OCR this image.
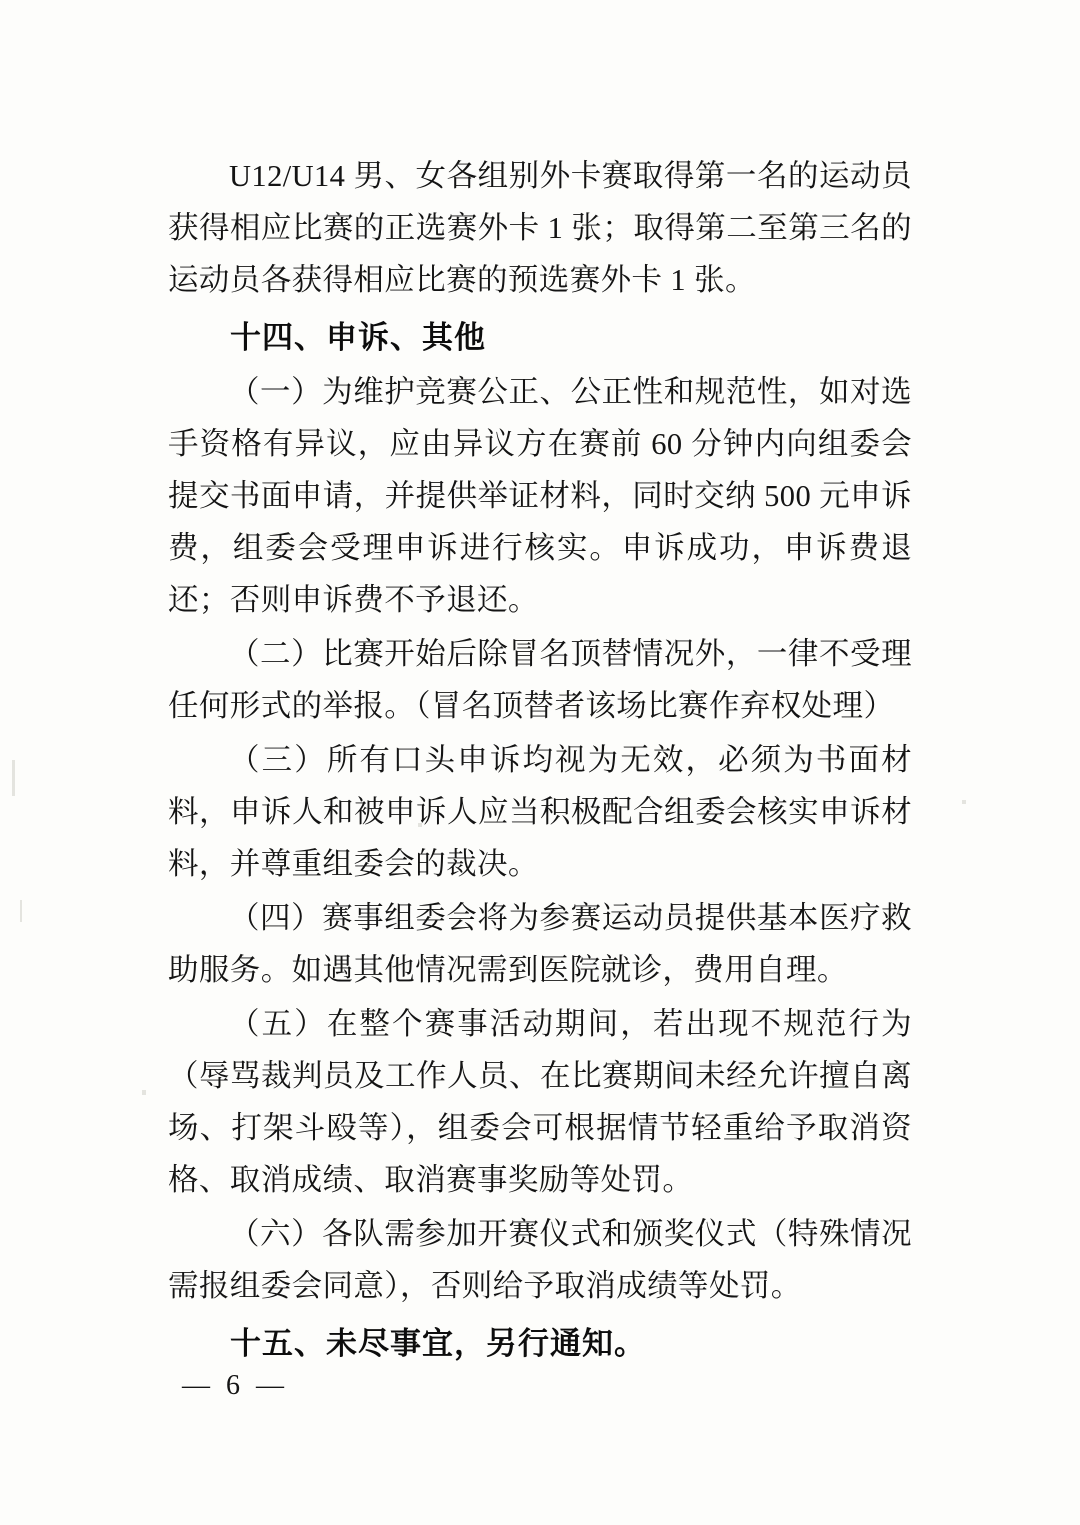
U12/U14 男、女各组别外卡赛取得第一名的运动员获得相应比赛的正选赛外卡 1 张；取得第二至第三名的运动员各获得相应比赛的预选赛外卡 1 张。

十四、申诉、其他

（一）为维护竞赛公正、公正性和规范性，如对选手资格有异议，应由异议方在赛前 60 分钟内向组委会提交书面申请，并提供举证材料，同时交纳 500 元申诉费，组委会受理申诉进行核实。申诉成功，申诉费退还；否则申诉费不予退还。

（二）比赛开始后除冒名顶替情况外，一律不受理任何形式的举报。（冒名顶替者该场比赛作弃权处理）

（三）所有口头申诉均视为无效，必须为书面材料，申诉人和被申诉人应当积极配合组委会核实申诉材料，并尊重组委会的裁决。

（四）赛事组委会将为参赛运动员提供基本医疗救助服务。如遇其他情况需到医院就诊，费用自理。

（五）在整个赛事活动期间，若出现不规范行为（辱骂裁判员及工作人员、在比赛期间未经允许擅自离场、打架斗殴等），组委会可根据情节轻重给予取消资格、取消成绩、取消赛事奖励等处罚。

（六）各队需参加开赛仪式和颁奖仪式（特殊情况需报组委会同意），否则给予取消成绩等处罚。

十五、未尽事宜，另行通知。

— 6 —
